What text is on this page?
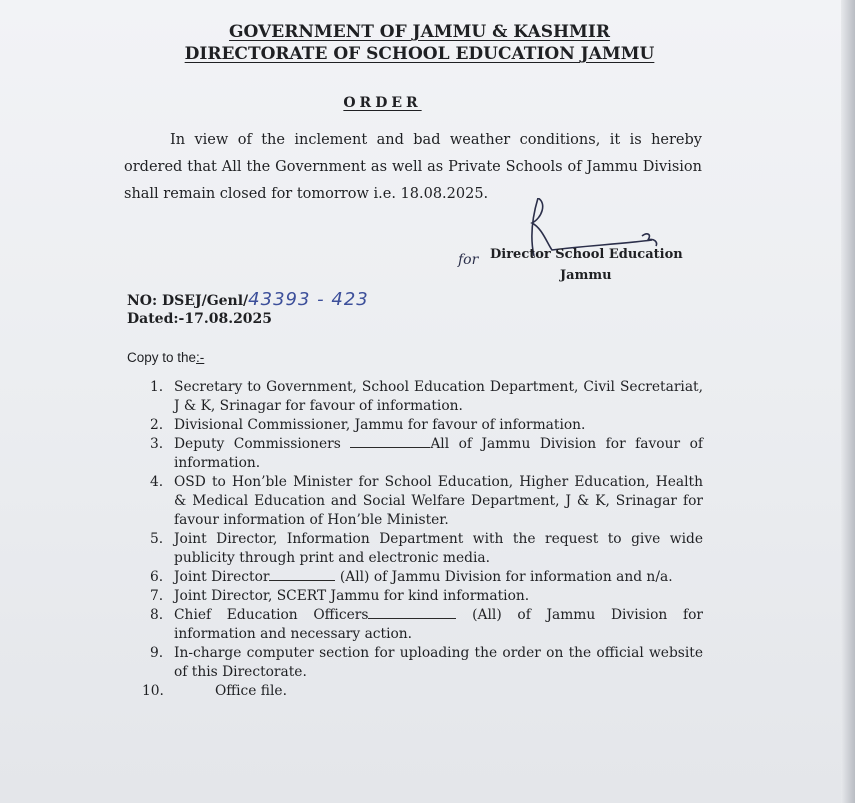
GOVERNMENT OF JAMMU & KASHMIR
DIRECTORATE OF SCHOOL EDUCATION JAMMU
ORDER
In view of the inclement and bad weather conditions, it is hereby ordered that All the Government as well as Private Schools of Jammu Division shall remain closed for tomorrow i.e. 18.08.2025.
for Director School Education
Jammu
NO: DSEJ/Genl/43393 - 423
Dated:-17.08.2025
Copy to the:-
1. Secretary to Government, School Education Department, Civil Secretariat, J & K, Srinagar for favour of information.
2. Divisional Commissioner, Jammu for favour of information.
3. Deputy Commissioners	All of Jammu Division for favour of information.
4. OSD to Hon’ble Minister for School Education, Higher Education, Health & Medical Education and Social Welfare Department, J & K, Srinagar for favour information of Hon’ble Minister.
5. Joint Director, Information Department with the request to give wide publicity through print and electronic media.
6. Joint Director	(All) of Jammu Division for information and n/a.
7. Joint Director, SCERT Jammu for kind information.
8. Chief Education Officers	(All) of Jammu Division for information and necessary action.
9. In-charge computer section for uploading the order on the official website of this Directorate.
10.	Office file.
